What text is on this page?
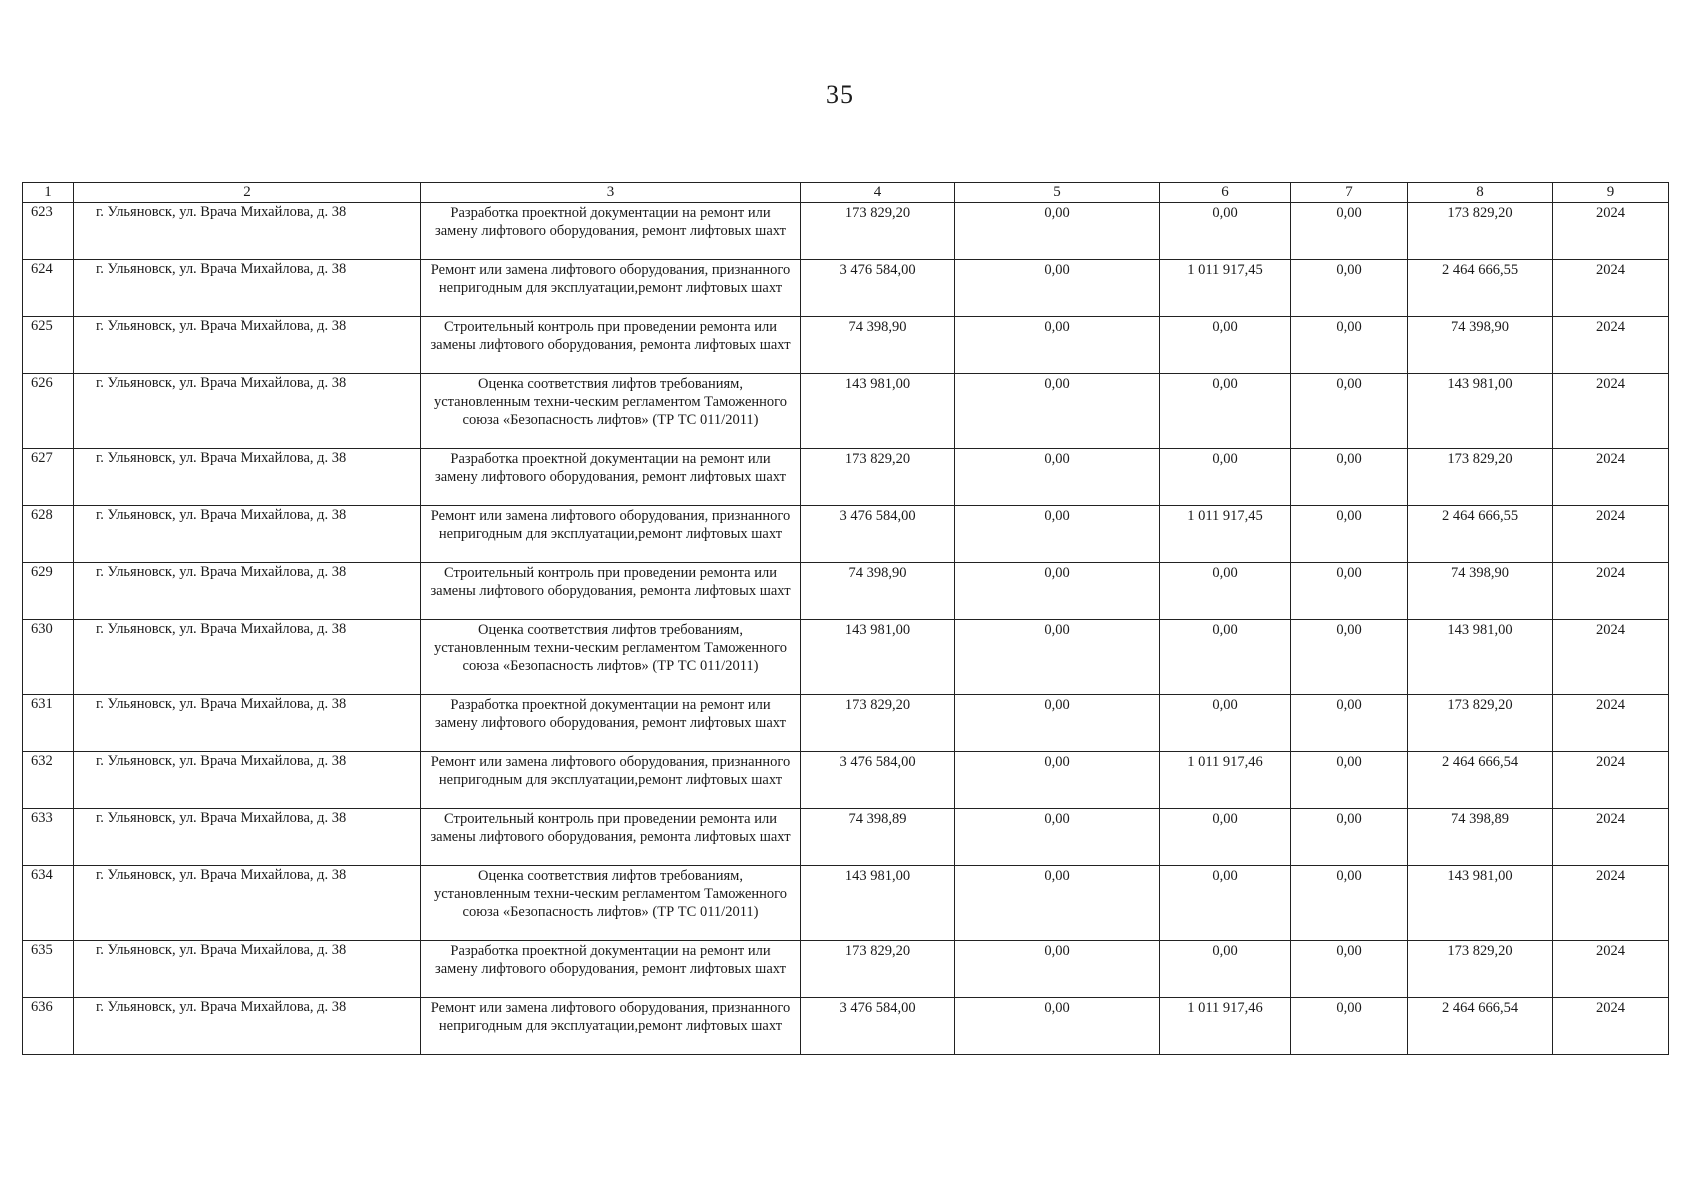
35
1	2	3	4	5	6	7	8	9
623	г. Ульяновск, ул. Врача Михайлова, д. 38	Разработка проектной документации на ремонт или замену лифтового оборудования, ремонт лифтовых шахт	173 829,20	0,00	0,00	0,00	173 829,20	2024
624	г. Ульяновск, ул. Врача Михайлова, д. 38	Ремонт или замена лифтового оборудования, признанного непригодным для эксплуатации,ремонт лифтовых шахт	3 476 584,00	0,00	1 011 917,45	0,00	2 464 666,55	2024
625	г. Ульяновск, ул. Врача Михайлова, д. 38	Строительный контроль при проведении ремонта или замены лифтового оборудования, ремонта лифтовых шахт	74 398,90	0,00	0,00	0,00	74 398,90	2024
626	г. Ульяновск, ул. Врача Михайлова, д. 38	Оценка соответствия лифтов требованиям, установленным техни-ческим регламентом Таможенного союза «Безопасность лифтов» (ТР ТС 011/2011)	143 981,00	0,00	0,00	0,00	143 981,00	2024
627	г. Ульяновск, ул. Врача Михайлова, д. 38	Разработка проектной документации на ремонт или замену лифтового оборудования, ремонт лифтовых шахт	173 829,20	0,00	0,00	0,00	173 829,20	2024
628	г. Ульяновск, ул. Врача Михайлова, д. 38	Ремонт или замена лифтового оборудования, признанного непригодным для эксплуатации,ремонт лифтовых шахт	3 476 584,00	0,00	1 011 917,45	0,00	2 464 666,55	2024
629	г. Ульяновск, ул. Врача Михайлова, д. 38	Строительный контроль при проведении ремонта или замены лифтового оборудования, ремонта лифтовых шахт	74 398,90	0,00	0,00	0,00	74 398,90	2024
630	г. Ульяновск, ул. Врача Михайлова, д. 38	Оценка соответствия лифтов требованиям, установленным техни-ческим регламентом Таможенного союза «Безопасность лифтов» (ТР ТС 011/2011)	143 981,00	0,00	0,00	0,00	143 981,00	2024
631	г. Ульяновск, ул. Врача Михайлова, д. 38	Разработка проектной документации на ремонт или замену лифтового оборудования, ремонт лифтовых шахт	173 829,20	0,00	0,00	0,00	173 829,20	2024
632	г. Ульяновск, ул. Врача Михайлова, д. 38	Ремонт или замена лифтового оборудования, признанного непригодным для эксплуатации,ремонт лифтовых шахт	3 476 584,00	0,00	1 011 917,46	0,00	2 464 666,54	2024
633	г. Ульяновск, ул. Врача Михайлова, д. 38	Строительный контроль при проведении ремонта или замены лифтового оборудования, ремонта лифтовых шахт	74 398,89	0,00	0,00	0,00	74 398,89	2024
634	г. Ульяновск, ул. Врача Михайлова, д. 38	Оценка соответствия лифтов требованиям, установленным техни-ческим регламентом Таможенного союза «Безопасность лифтов» (ТР ТС 011/2011)	143 981,00	0,00	0,00	0,00	143 981,00	2024
635	г. Ульяновск, ул. Врача Михайлова, д. 38	Разработка проектной документации на ремонт или замену лифтового оборудования, ремонт лифтовых шахт	173 829,20	0,00	0,00	0,00	173 829,20	2024
636	г. Ульяновск, ул. Врача Михайлова, д. 38	Ремонт или замена лифтового оборудования, признанного непригодным для эксплуатации,ремонт лифтовых шахт	3 476 584,00	0,00	1 011 917,46	0,00	2 464 666,54	2024
